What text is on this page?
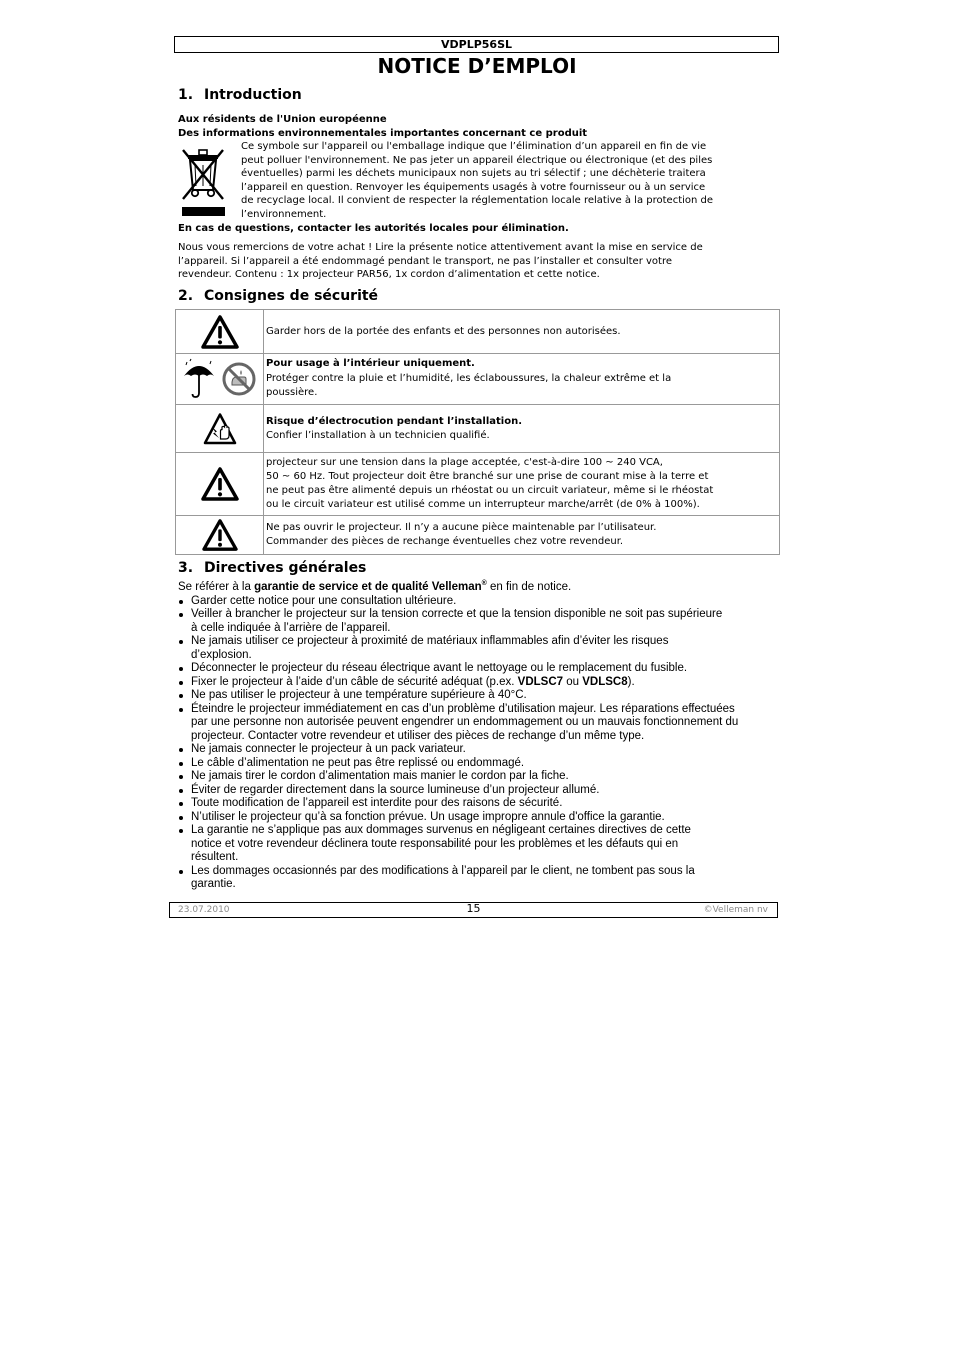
VDPLP56SL
NOTICE D’EMPLOI
1. Introduction
Aux résidents de l'Union européenne
Des informations environnementales importantes concernant ce produit
Ce symbole sur l'appareil ou l'emballage indique que l’élimination d’un appareil en fin de vie
peut polluer l'environnement. Ne pas jeter un appareil électrique ou électronique (et des piles
éventuelles) parmi les déchets municipaux non sujets au tri sélectif ; une déchèterie traitera
l’appareil en question. Renvoyer les équipements usagés à votre fournisseur ou à un service
de recyclage local. Il convient de respecter la réglementation locale relative à la protection de
l’environnement.
En cas de questions, contacter les autorités locales pour élimination.
Nous vous remercions de votre achat ! Lire la présente notice attentivement avant la mise en service de
l’appareil. Si l’appareil a été endommagé pendant le transport, ne pas l’installer et consulter votre
revendeur. Contenu : 1x projecteur PAR56, 1x cordon d’alimentation et cette notice.
2. Consignes de sécurité
Garder hors de la portée des enfants et des personnes non autorisées.
Pour usage à l’intérieur uniquement.
Protéger contre la pluie et l’humidité, les éclaboussures, la chaleur extrême et la
poussière.
Risque d’électrocution pendant l’installation.
Confier l’installation à un technicien qualifié.
projecteur sur une tension dans la plage acceptée, c'est-à-dire 100 ~ 240 VCA,
50 ~ 60 Hz. Tout projecteur doit être branché sur une prise de courant mise à la terre et
ne peut pas être alimenté depuis un rhéostat ou un circuit variateur, même si le rhéostat
ou le circuit variateur est utilisé comme un interrupteur marche/arrêt (de 0% à 100%).
Ne pas ouvrir le projecteur. Il n’y a aucune pièce maintenable par l’utilisateur.
Commander des pièces de rechange éventuelles chez votre revendeur.
3. Directives générales
Se référer à la garantie de service et de qualité Velleman® en fin de notice.
Garder cette notice pour une consultation ultérieure.
Veiller à brancher le projecteur sur la tension correcte et que la tension disponible ne soit pas supérieure
à celle indiquée à l’arrière de l’appareil.
Ne jamais utiliser ce projecteur à proximité de matériaux inflammables afin d’éviter les risques
d’explosion.
Déconnecter le projecteur du réseau électrique avant le nettoyage ou le remplacement du fusible.
Fixer le projecteur à l’aide d’un câble de sécurité adéquat (p.ex. VDLSC7 ou VDLSC8).
Ne pas utiliser le projecteur à une température supérieure à 40°C.
Éteindre le projecteur immédiatement en cas d’un problème d’utilisation majeur. Les réparations effectuées
par une personne non autorisée peuvent engendrer un endommagement ou un mauvais fonctionnement du
projecteur. Contacter votre revendeur et utiliser des pièces de rechange d’un même type.
Ne jamais connecter le projecteur à un pack variateur.
Le câble d’alimentation ne peut pas être replissé ou endommagé.
Ne jamais tirer le cordon d’alimentation mais manier le cordon par la fiche.
Éviter de regarder directement dans la source lumineuse d’un projecteur allumé.
Toute modification de l’appareil est interdite pour des raisons de sécurité.
N’utiliser le projecteur qu’à sa fonction prévue. Un usage impropre annule d'office la garantie.
La garantie ne s’applique pas aux dommages survenus en négligeant certaines directives de cette
notice et votre revendeur déclinera toute responsabilité pour les problèmes et les défauts qui en
résultent.
Les dommages occasionnés par des modifications à l’appareil par le client, ne tombent pas sous la
garantie.
23.07.2010	15	©Velleman nv
